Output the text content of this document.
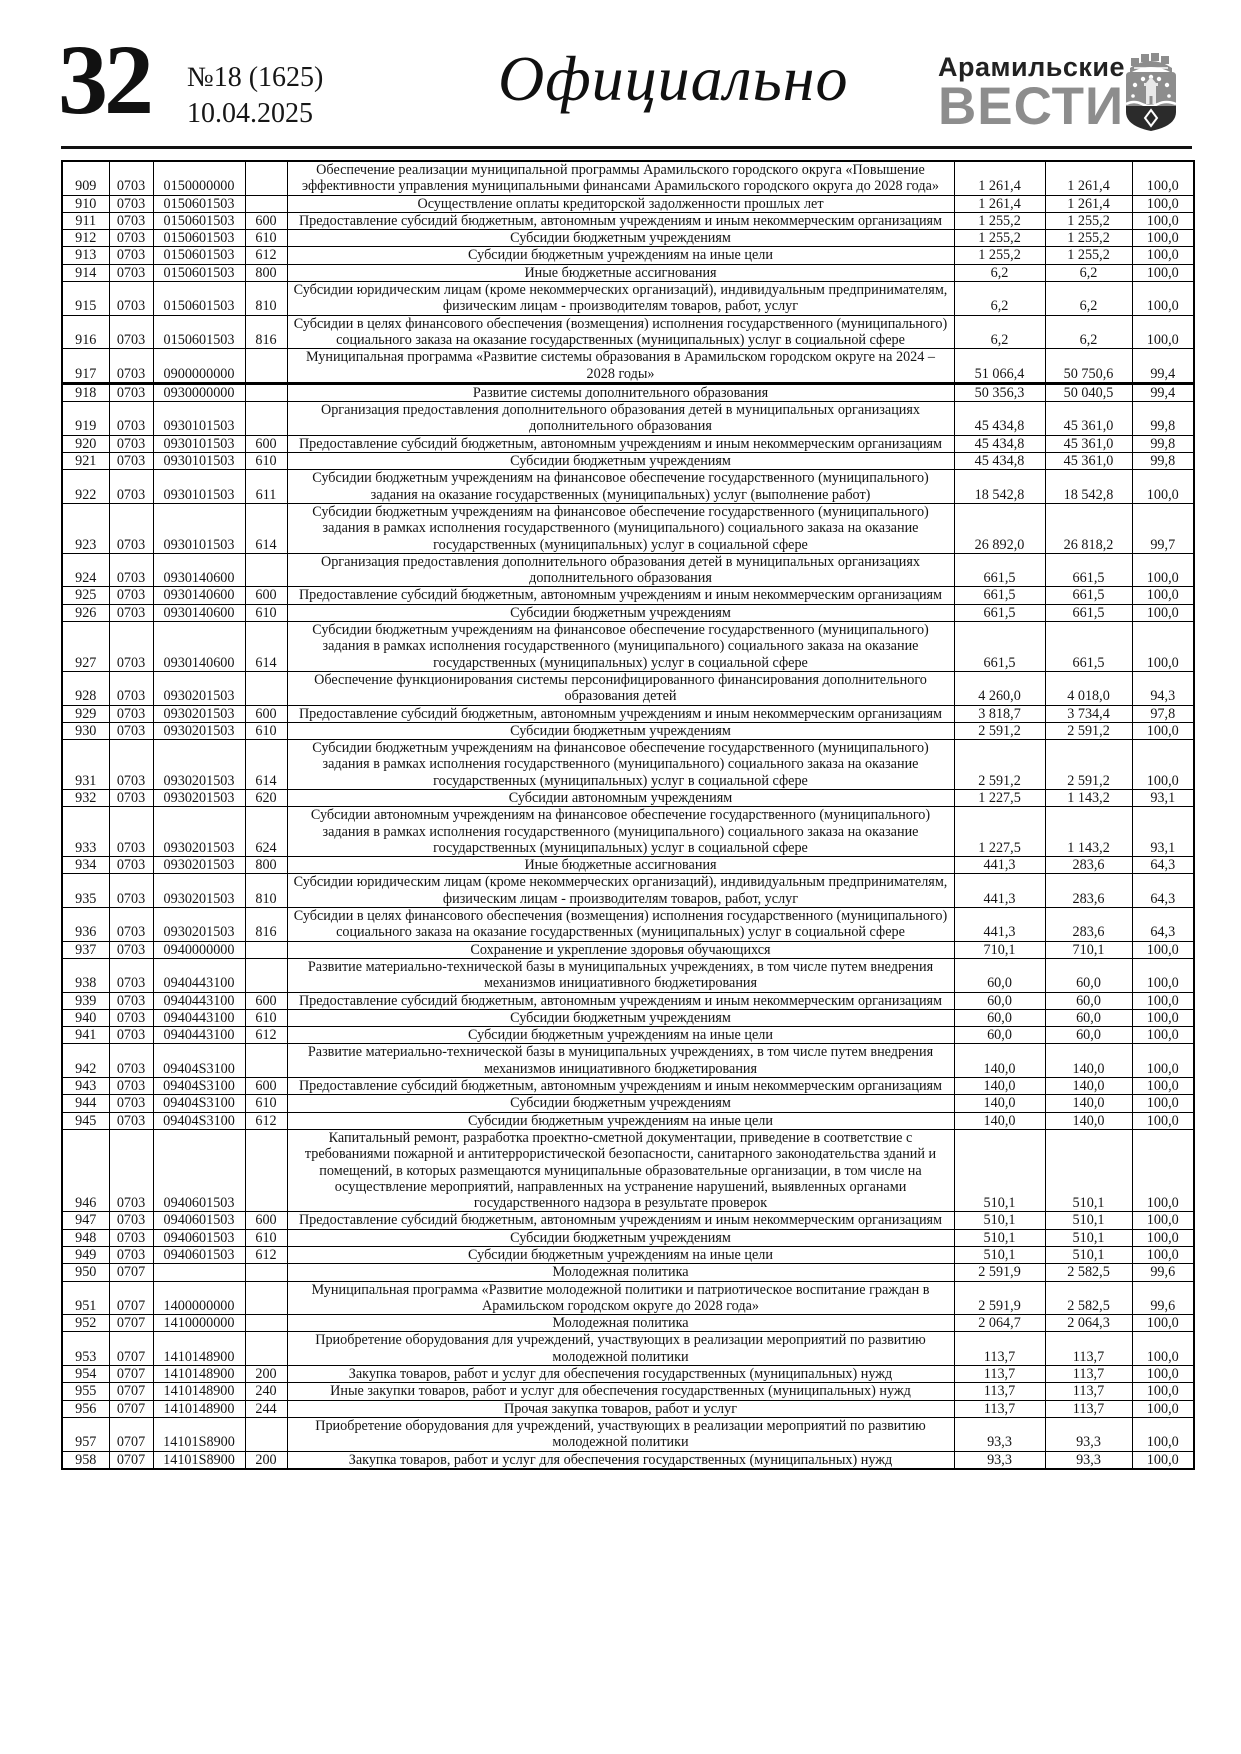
32 №18 (1625)
10.04.2025	Официально	Арамильские
ВЕСТИ
909	0703	0150000000		Обеспечение реализации муниципальной программы Арамильского городского округа «Повышение эффективности управления муниципальными финансами Арамильского городского округа до 2028 года»	1 261,4	1 261,4	100,0
910	0703	0150601503		Осуществление оплаты кредиторской задолженности прошлых лет	1 261,4	1 261,4	100,0
911	0703	0150601503	600	Предоставление субсидий бюджетным, автономным учреждениям и иным некоммерческим организациям	1 255,2	1 255,2	100,0
912	0703	0150601503	610	Субсидии бюджетным учреждениям	1 255,2	1 255,2	100,0
913	0703	0150601503	612	Субсидии бюджетным учреждениям на иные цели	1 255,2	1 255,2	100,0
914	0703	0150601503	800	Иные бюджетные ассигнования	6,2	6,2	100,0
915	0703	0150601503	810	Субсидии юридическим лицам (кроме некоммерческих организаций), индивидуальным предпринимателям, физическим лицам - производителям товаров, работ, услуг	6,2	6,2	100,0
916	0703	0150601503	816	Субсидии в целях финансового обеспечения (возмещения) исполнения государственного (муниципального) социального заказа на оказание государственных (муниципальных) услуг в социальной сфере	6,2	6,2	100,0
917	0703	0900000000		Муниципальная программа «Развитие системы образования в Арамильском городском округе на 2024 – 2028 годы»	51 066,4	50 750,6	99,4
918	0703	0930000000		Развитие системы дополнительного образования	50 356,3	50 040,5	99,4
919	0703	0930101503		Организация предоставления дополнительного образования детей в муниципальных организациях дополнительного образования	45 434,8	45 361,0	99,8
920	0703	0930101503	600	Предоставление субсидий бюджетным, автономным учреждениям и иным некоммерческим организациям	45 434,8	45 361,0	99,8
921	0703	0930101503	610	Субсидии бюджетным учреждениям	45 434,8	45 361,0	99,8
922	0703	0930101503	611	Субсидии бюджетным учреждениям на финансовое обеспечение государственного (муниципального) задания на оказание государственных (муниципальных) услуг (выполнение работ)	18 542,8	18 542,8	100,0
923	0703	0930101503	614	Субсидии бюджетным учреждениям на финансовое обеспечение государственного (муниципального) задания в рамках исполнения государственного (муниципального) социального заказа на оказание государственных (муниципальных) услуг в социальной сфере	26 892,0	26 818,2	99,7
924	0703	0930140600		Организация предоставления дополнительного образования детей в муниципальных организациях дополнительного образования	661,5	661,5	100,0
925	0703	0930140600	600	Предоставление субсидий бюджетным, автономным учреждениям и иным некоммерческим организациям	661,5	661,5	100,0
926	0703	0930140600	610	Субсидии бюджетным учреждениям	661,5	661,5	100,0
927	0703	0930140600	614	Субсидии бюджетным учреждениям на финансовое обеспечение государственного (муниципального) задания в рамках исполнения государственного (муниципального) социального заказа на оказание государственных (муниципальных) услуг в социальной сфере	661,5	661,5	100,0
928	0703	0930201503		Обеспечение функционирования системы персонифицированного финансирования дополнительного образования детей	4 260,0	4 018,0	94,3
929	0703	0930201503	600	Предоставление субсидий бюджетным, автономным учреждениям и иным некоммерческим организациям	3 818,7	3 734,4	97,8
930	0703	0930201503	610	Субсидии бюджетным учреждениям	2 591,2	2 591,2	100,0
931	0703	0930201503	614	Субсидии бюджетным учреждениям на финансовое обеспечение государственного (муниципального) задания в рамках исполнения государственного (муниципального) социального заказа на оказание государственных (муниципальных) услуг в социальной сфере	2 591,2	2 591,2	100,0
932	0703	0930201503	620	Субсидии автономным учреждениям	1 227,5	1 143,2	93,1
933	0703	0930201503	624	Субсидии автономным учреждениям на финансовое обеспечение государственного (муниципального) задания в рамках исполнения государственного (муниципального) социального заказа на оказание государственных (муниципальных) услуг в социальной сфере	1 227,5	1 143,2	93,1
934	0703	0930201503	800	Иные бюджетные ассигнования	441,3	283,6	64,3
935	0703	0930201503	810	Субсидии юридическим лицам (кроме некоммерческих организаций), индивидуальным предпринимателям, физическим лицам - производителям товаров, работ, услуг	441,3	283,6	64,3
936	0703	0930201503	816	Субсидии в целях финансового обеспечения (возмещения) исполнения государственного (муниципального) социального заказа на оказание государственных (муниципальных) услуг в социальной сфере	441,3	283,6	64,3
937	0703	0940000000		Сохранение и укрепление здоровья обучающихся	710,1	710,1	100,0
938	0703	0940443100		Развитие материально-технической базы в муниципальных учреждениях, в том числе путем внедрения механизмов инициативного бюджетирования	60,0	60,0	100,0
939	0703	0940443100	600	Предоставление субсидий бюджетным, автономным учреждениям и иным некоммерческим организациям	60,0	60,0	100,0
940	0703	0940443100	610	Субсидии бюджетным учреждениям	60,0	60,0	100,0
941	0703	0940443100	612	Субсидии бюджетным учреждениям на иные цели	60,0	60,0	100,0
942	0703	09404S3100		Развитие материально-технической базы в муниципальных учреждениях, в том числе путем внедрения механизмов инициативного бюджетирования	140,0	140,0	100,0
943	0703	09404S3100	600	Предоставление субсидий бюджетным, автономным учреждениям и иным некоммерческим организациям	140,0	140,0	100,0
944	0703	09404S3100	610	Субсидии бюджетным учреждениям	140,0	140,0	100,0
945	0703	09404S3100	612	Субсидии бюджетным учреждениям на иные цели	140,0	140,0	100,0
946	0703	0940601503		Капитальный ремонт, разработка проектно-сметной документации, приведение в соответствие с требованиями пожарной и антитеррористической безопасности, санитарного законодательства зданий и помещений, в которых размещаются муниципальные образовательные организации, в том числе на осуществление мероприятий, направленных на устранение нарушений, выявленных органами государственного надзора в результате проверок	510,1	510,1	100,0
947	0703	0940601503	600	Предоставление субсидий бюджетным, автономным учреждениям и иным некоммерческим организациям	510,1	510,1	100,0
948	0703	0940601503	610	Субсидии бюджетным учреждениям	510,1	510,1	100,0
949	0703	0940601503	612	Субсидии бюджетным учреждениям на иные цели	510,1	510,1	100,0
950	0707			Молодежная политика	2 591,9	2 582,5	99,6
951	0707	1400000000		Муниципальная программа «Развитие молодежной политики и патриотическое воспитание граждан в Арамильском городском округе до 2028 года»	2 591,9	2 582,5	99,6
952	0707	1410000000		Молодежная политика	2 064,7	2 064,3	100,0
953	0707	1410148900		Приобретение оборудования для учреждений, участвующих в реализации мероприятий по развитию молодежной политики	113,7	113,7	100,0
954	0707	1410148900	200	Закупка товаров, работ и услуг для обеспечения государственных (муниципальных) нужд	113,7	113,7	100,0
955	0707	1410148900	240	Иные закупки товаров, работ и услуг для обеспечения государственных (муниципальных) нужд	113,7	113,7	100,0
956	0707	1410148900	244	Прочая закупка товаров, работ и услуг	113,7	113,7	100,0
957	0707	14101S8900		Приобретение оборудования для учреждений, участвующих в реализации мероприятий по развитию молодежной политики	93,3	93,3	100,0
958	0707	14101S8900	200	Закупка товаров, работ и услуг для обеспечения государственных (муниципальных) нужд	93,3	93,3	100,0
